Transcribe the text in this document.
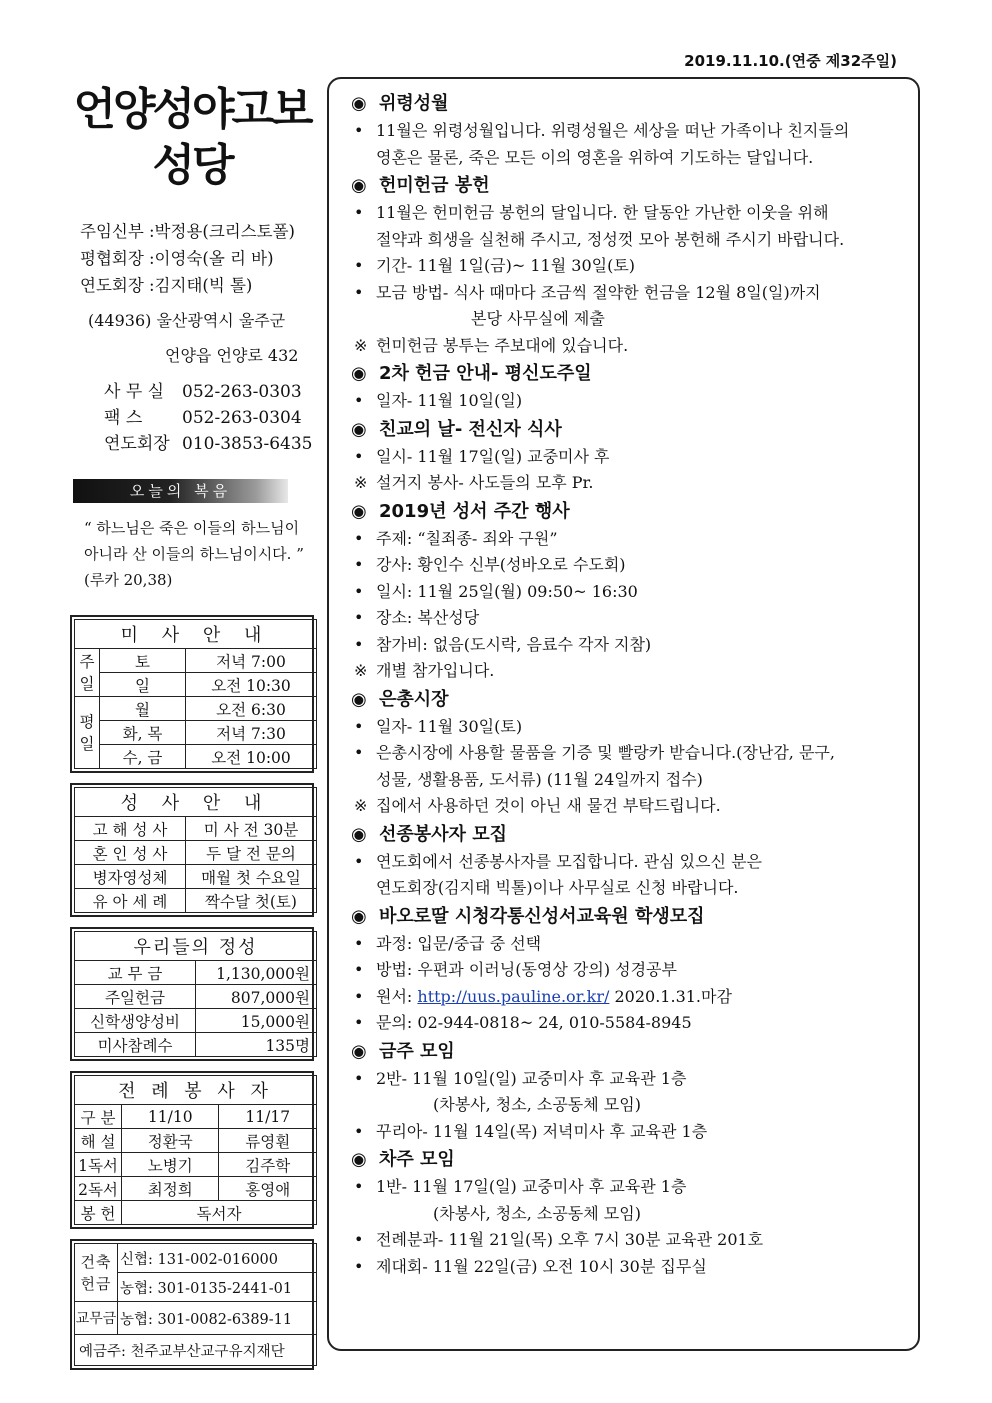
2019.11.10.(연중 제32주일)
언양성야고보
성당
주임신부 :박정용(크리스토폴)
평협회장 :이영숙(올 리 바)
연도회장 :김지태(빅 톨)
(44936) 울산광역시 울주군
언양읍 언양로 432
사 무 실 052-263-0303
팩 스 052-263-0304
연도회장 010-3853-6435
오늘의 복음
“ 하느님은 죽은 이들의 하느님이 아니라 산 이들의 하느님이시다. ” (루카 20,38)
미 사 안 내		
주일	토	저녁 7:00
	일	오전 10:30
평일	월	오전 6:30
	화, 목	저녁 7:30
	수, 금	오전 10:00
성 사 안 내	
고 해 성 사	미 사 전 30분
혼 인 성 사	두 달 전 문의
병자영성체	매월 첫 수요일
유 아 세 례	짝수달 첫(토)
우리들의 정성	
교 무 금	1,130,000원
주일헌금	807,000원
신학생양성비	15,000원
미사참례수	135명
전 례 봉 사 자		
구 분	11/10	11/17
해 설	정환국	류영훤
1독서	노병기	김주학
2독서	최정희	홍영애
봉 헌	독서자	
건축헌금	신협: 131-002-016000
	농협: 301-0135-2441-01
교무금	농협: 301-0082-6389-11
예금주: 천주교부산교구유지재단	
◉ 위령성월
• 11월은 위령성월입니다. 위령성월은 세상을 떠난 가족이나 친지들의
영혼은 물론, 죽은 모든 이의 영혼을 위하여 기도하는 달입니다.
◉ 헌미헌금 봉헌
• 11월은 헌미헌금 봉헌의 달입니다. 한 달동안 가난한 이웃을 위해
절약과 희생을 실천해 주시고, 정성껏 모아 봉헌해 주시기 바랍니다.
• 기간- 11월 1일(금)~ 11월 30일(토)
• 모금 방법- 식사 때마다 조금씩 절약한 헌금을 12월 8일(일)까지
본당 사무실에 제출
※ 헌미헌금 봉투는 주보대에 있습니다.
◉ 2차 헌금 안내- 평신도주일
• 일자- 11월 10일(일)
◉ 친교의 날- 전신자 식사
• 일시- 11월 17일(일) 교중미사 후
※ 설거지 봉사- 사도들의 모후 Pr.
◉ 2019년 성서 주간 행사
• 주제: “칠죄종- 죄와 구원”
• 강사: 황인수 신부(성바오로 수도회)
• 일시: 11월 25일(월) 09:50~ 16:30
• 장소: 복산성당
• 참가비: 없음(도시락, 음료수 각자 지참)
※ 개별 참가입니다.
◉ 은총시장
• 일자- 11월 30일(토)
• 은총시장에 사용할 물품을 기증 및 빨랑카 받습니다.(장난감, 문구,
성물, 생활용품, 도서류) (11월 24일까지 접수)
※ 집에서 사용하던 것이 아닌 새 물건 부탁드립니다.
◉ 선종봉사자 모집
• 연도회에서 선종봉사자를 모집합니다. 관심 있으신 분은
연도회장(김지태 빅톨)이나 사무실로 신청 바랍니다.
◉ 바오로딸 시청각통신성서교육원 학생모집
• 과정: 입문/중급 중 선택
• 방법: 우편과 이러닝(동영상 강의) 성경공부
• 원서: http://uus.pauline.or.kr/ 2020.1.31.마감
• 문의: 02-944-0818~ 24, 010-5584-8945
◉ 금주 모임
• 2반- 11월 10일(일) 교중미사 후 교육관 1층
(차봉사, 청소, 소공동체 모임)
• 꾸리아- 11월 14일(목) 저녁미사 후 교육관 1층
◉ 차주 모임
• 1반- 11월 17일(일) 교중미사 후 교육관 1층
(차봉사, 청소, 소공동체 모임)
• 전례분과- 11월 21일(목) 오후 7시 30분 교육관 201호
• 제대회- 11월 22일(금) 오전 10시 30분 집무실
